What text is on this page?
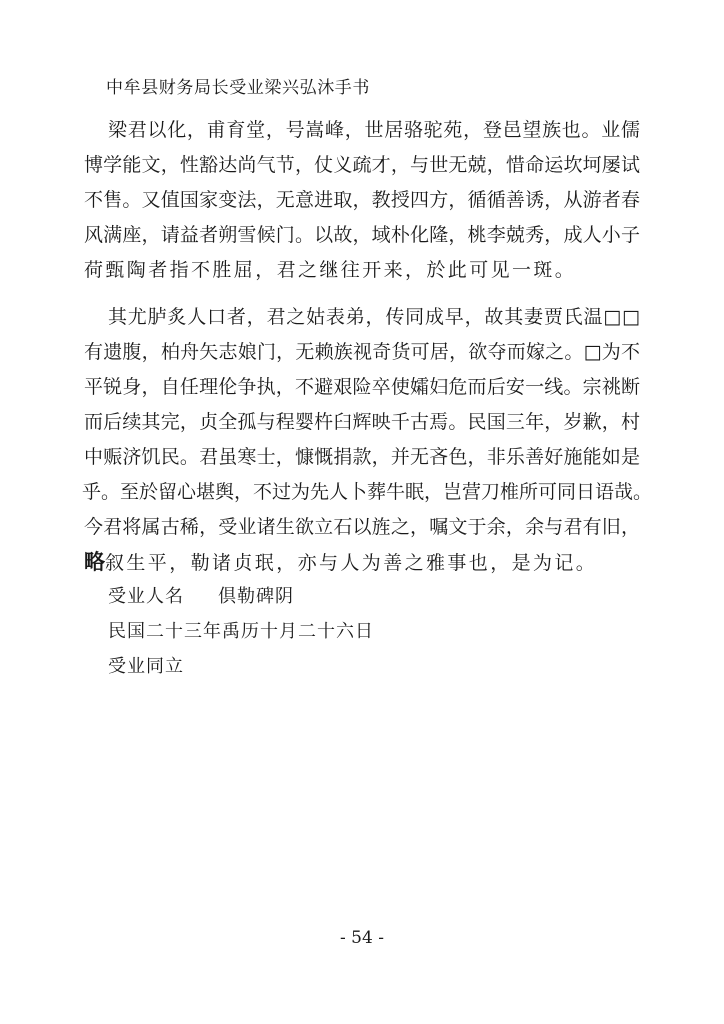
中牟县财务局长受业梁兴弘沐手书
梁君以化，甫育堂，号嵩峰，世居骆驼苑，登邑望族也。业儒
博学能文，性豁达尚气节，仗义疏才，与世无兢，惜命运坎坷屡试
不售。又值国家变法，无意进取，教授四方，循循善诱，从游者春
风满座，请益者朔雪候门。以故，域朴化隆，桃李兢秀，成人小子
荷甄陶者指不胜屈，君之继往开来，於此可见一斑。
其尤胪炙人口者，君之姑表弟，传同成早，故其妻贾氏温□□
有遗腹，柏舟矢志娘门，无赖族视奇货可居，欲夺而嫁之。□为不
平锐身，自任理伦争执，不避艰险卒使孀妇危而后安一线。宗祧断
而后续其完，贞全孤与程婴杵臼辉映千古焉。民国三年，岁歉，村
中赈济饥民。君虽寒士，慷慨捐款，并无吝色，非乐善好施能如是
乎。至於留心堪舆，不过为先人卜葬牛眠，岂营刀椎所可同日语哉。
今君将属古稀，受业诸生欲立石以旌之，嘱文于余，余与君有旧，
略叙生平，勒诸贞珉，亦与人为善之雅事也，是为记。
受业人名 倶勒碑阴
民国二十三年禹历十月二十六日
受业同立
- 54 -
